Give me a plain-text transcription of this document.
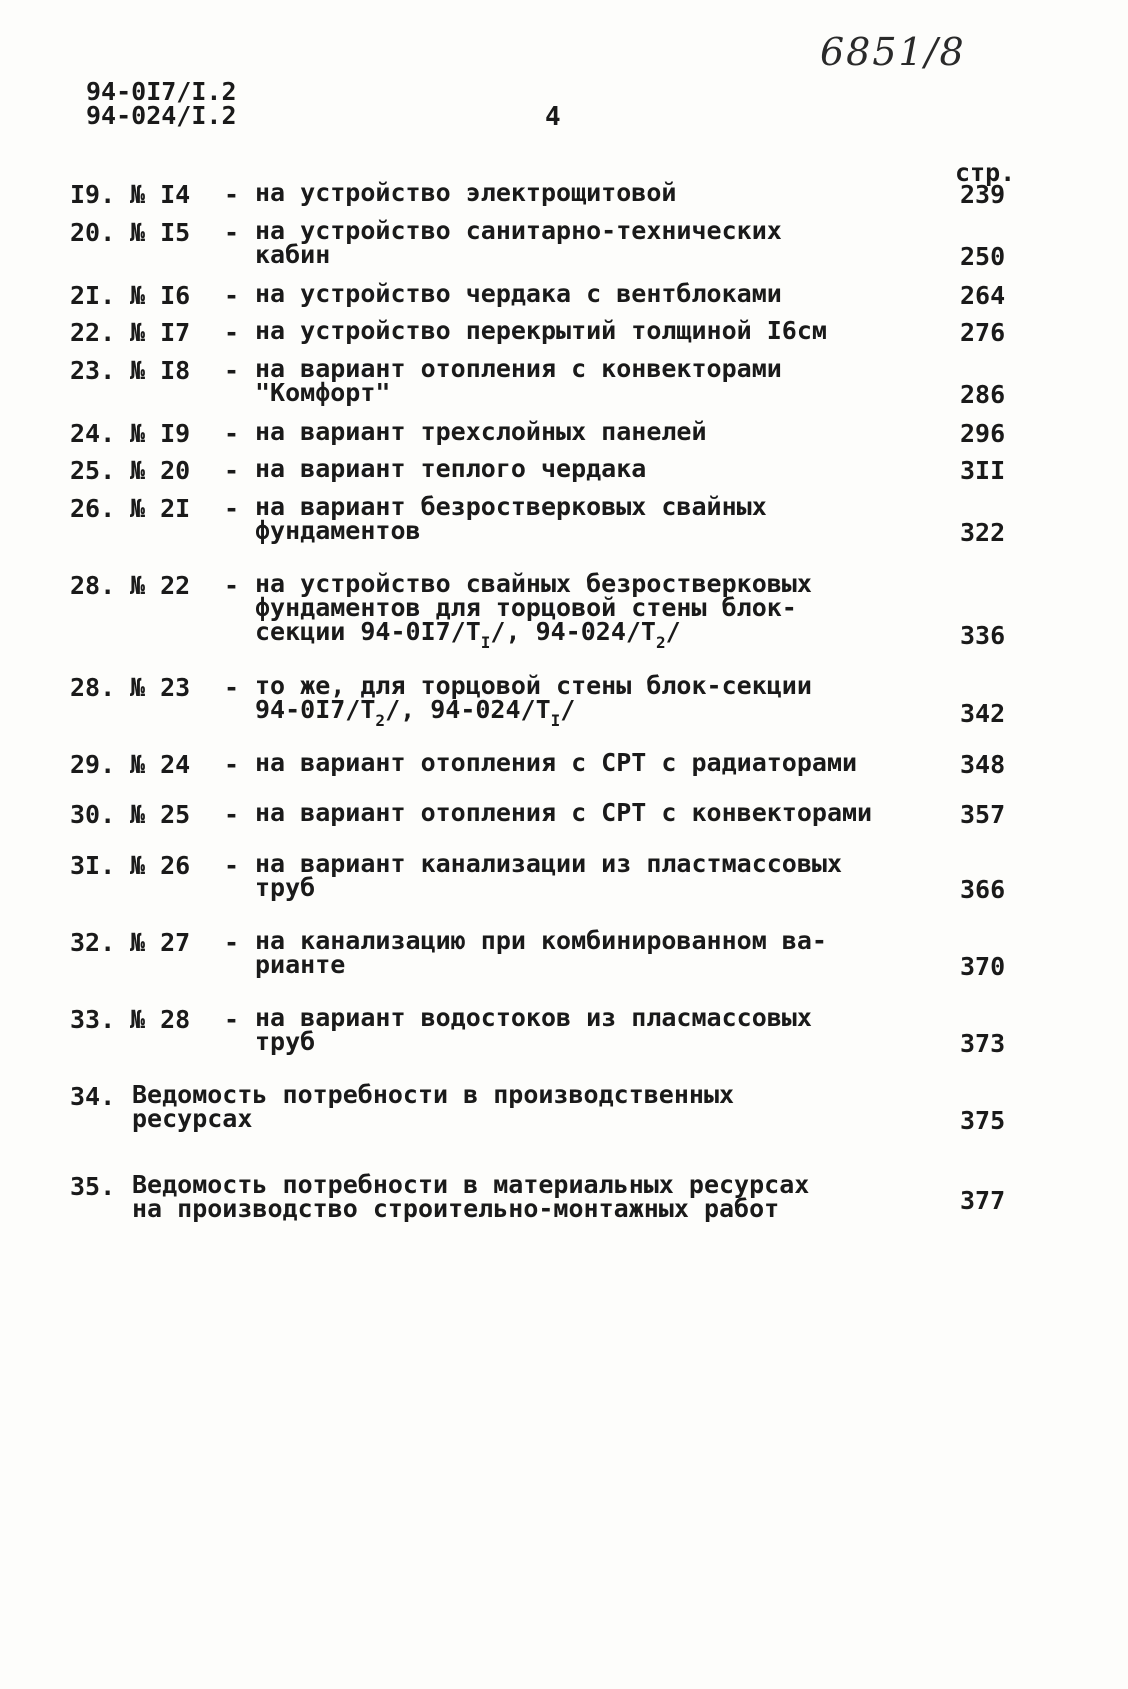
6851/8
94-0I7/I.2
94-024/I.2	4
стр.
I9. № I4 - на устройство электрощитовой	239
20. № I5 - на устройство санитарно-технических
кабин	250
2I. № I6 - на устройство чердака с вентблоками	264
22. № I7 - на устройство перекрытий толщиной I6см	276
23. № I8 - на вариант отопления с конвекторами
"Комфорт"	286
24. № I9 - на вариант трехслойных панелей	296
25. № 20 - на вариант теплого чердака	3II
26. № 2I - на вариант безростверковых свайных
фундаментов	322
28. № 22 - на устройство свайных безростверковых
фундаментов для торцовой стены блок-
секции $94-0I7/Т_I/$, $94-024/Т_2/$	336
28. № 23 - то же, для торцовой стены блок-секции
$94-0I7/Т_2/$, $94-024/Т_I/$	342
29. № 24 - на вариант отопления с СРТ с радиаторами	348
30. № 25 - на вариант отопления с СРТ с конвекторами	357
3I. № 26 - на вариант канализации из пластмассовых
труб	366
32. № 27 - на канализацию при комбинированном ва-
рианте	370
33. № 28 - на вариант водостоков из пласмассовых
труб	373
34. Ведомость потребности в производственных
ресурсах	375
35. Ведомость потребности в материальных ресурсах
на производство строительно-монтажных работ	377
